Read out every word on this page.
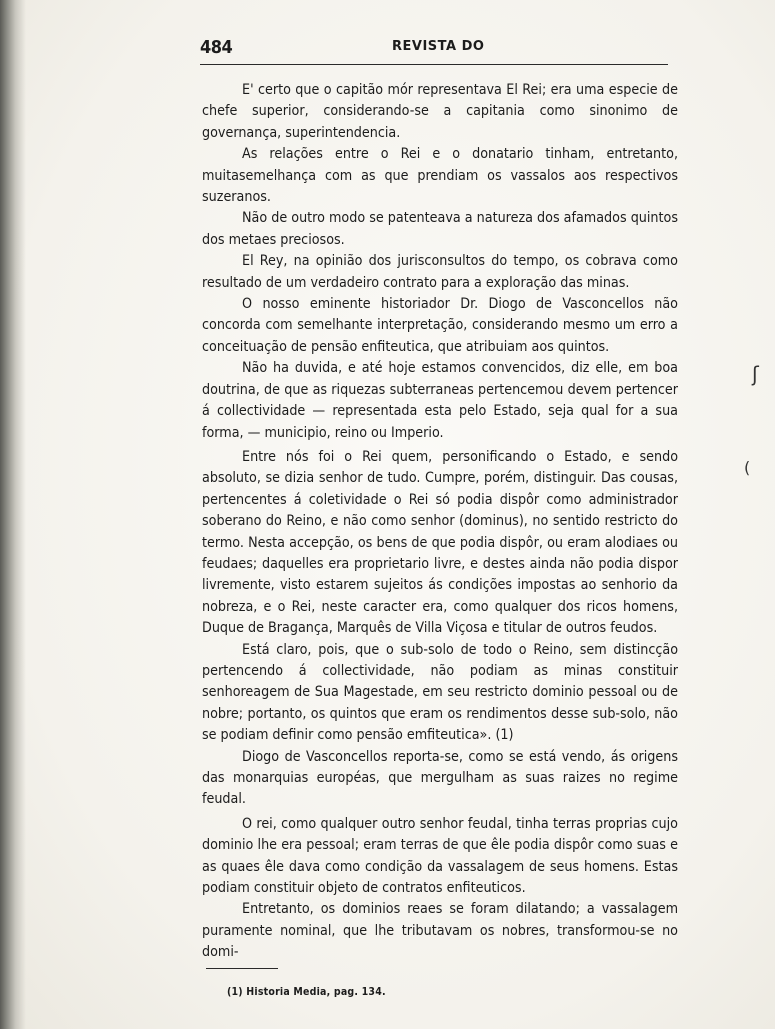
ʃ
(
484	REVISTA DO

E' certo que o capitão mór representava El Rei; era uma especie de chefe superior, considerando-se a capitania como sinonimo de governança, superintendencia.

As relações entre o Rei e o donatario tinham, entretanto, muitasemelhança com as que prendiam os vassalos aos respectivos suzeranos.

Não de outro modo se patenteava a natureza dos afamados quintos dos metaes preciosos.

El Rey, na opinião dos jurisconsultos do tempo, os cobrava como resultado de um verdadeiro contrato para a exploração das minas.

O nosso eminente historiador Dr. Diogo de Vasconcellos não concorda com semelhante interpretação, considerando mesmo um erro a conceituação de pensão enfiteutica, que atribuiam aos quintos.

Não ha duvida, e até hoje estamos convencidos, diz elle, em boa doutrina, de que as riquezas subterraneas pertencemou devem pertencer á collectividade — representada esta pelo Estado, seja qual for a sua forma, — municipio, reino ou Imperio.

Entre nós foi o Rei quem, personificando o Estado, e sendo absoluto, se dizia senhor de tudo. Cumpre, porém, distinguir. Das cousas, pertencentes á coletividade o Rei só podia dispôr como administrador soberano do Reino, e não como senhor (dominus), no sentido restricto do termo. Nesta accepção, os bens de que podia dispôr, ou eram alodiaes ou feudaes; daquelles era proprietario livre, e destes ainda não podia dispor livremente, visto estarem sujeitos ás condições impostas ao senhorio da nobreza, e o Rei, neste caracter era, como qualquer dos ricos homens, Duque de Bragança, Marquês de Villa Viçosa e titular de outros feudos.

Está claro, pois, que o sub-solo de todo o Reino, sem distincção pertencendo á collectividade, não podiam as minas constituir senhoreagem de Sua Magestade, em seu restricto dominio pessoal ou de nobre; portanto, os quintos que eram os rendimentos desse sub-solo, não se podiam definir como pensão emfiteutica». (1)

Diogo de Vasconcellos reporta-se, como se está vendo, ás origens das monarquias européas, que mergulham as suas raizes no regime feudal.

O rei, como qualquer outro senhor feudal, tinha terras proprias cujo dominio lhe era pessoal; eram terras de que êle podia dispôr como suas e as quaes êle dava como condição da vassalagem de seus homens. Estas podiam constituir objeto de contratos enfiteuticos.

Entretanto, os dominios reaes se foram dilatando; a vassalagem puramente nominal, que lhe tributavam os nobres, transformou-se no domi-

(1) Historia Media, pag. 134.
